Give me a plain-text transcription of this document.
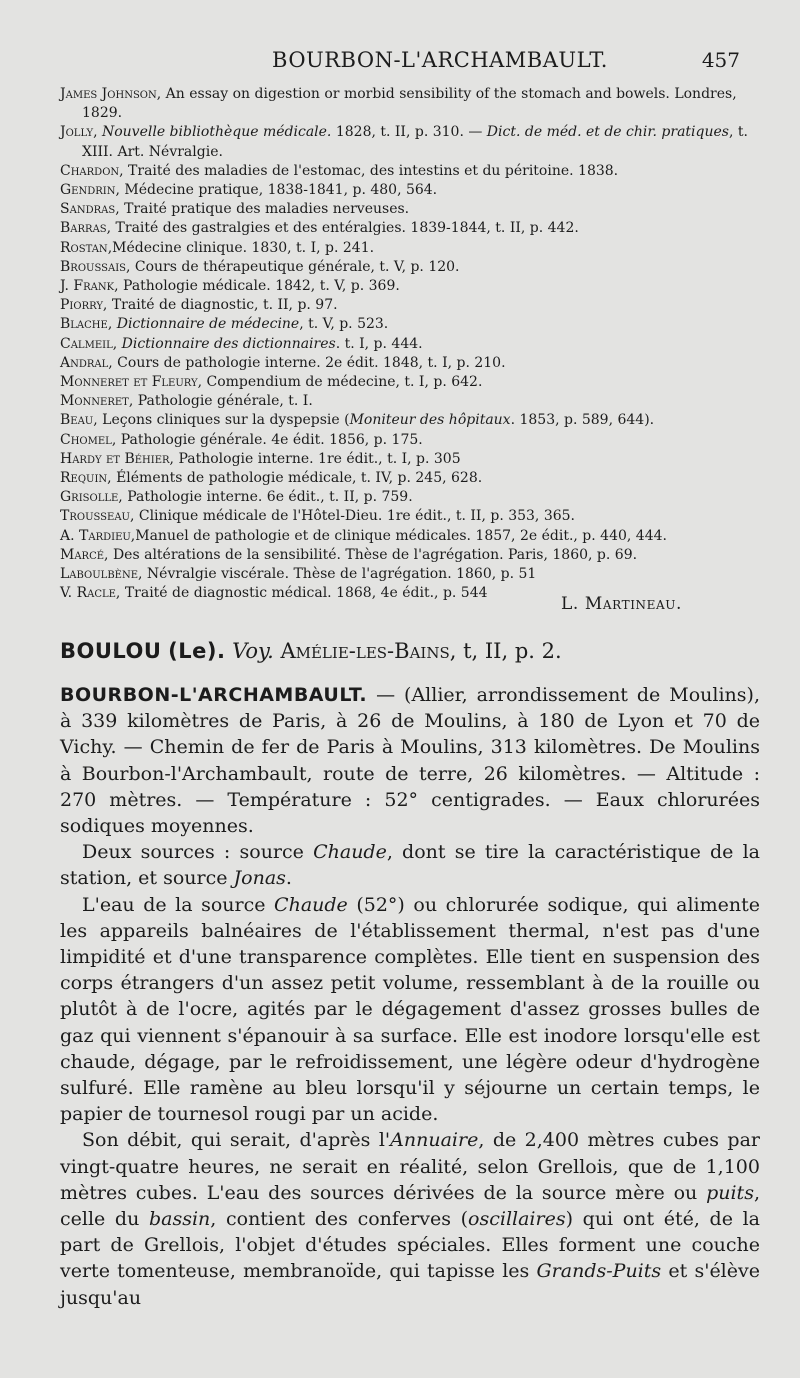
BOURBON-L'ARCHAMBAULT.	457

James Johnson, An essay on digestion or morbid sensibility of the stomach and bowels. Londres, 1829.

Jolly, Nouvelle bibliothèque médicale. 1828, t. II, p. 310. — Dict. de méd. et de chir. pratiques, t. XIII. Art. Névralgie.

Chardon, Traité des maladies de l'estomac, des intestins et du péritoine. 1838.

Gendrin, Médecine pratique, 1838-1841, p. 480, 564.

Sandras, Traité pratique des maladies nerveuses.

Barras, Traité des gastralgies et des entéralgies. 1839-1844, t. II, p. 442.

Rostan,Médecine clinique. 1830, t. I, p. 241.

Broussais, Cours de thérapeutique générale, t. V, p. 120.

J. Frank, Pathologie médicale. 1842, t. V, p. 369.

Piorry, Traité de diagnostic, t. II, p. 97.

Blache, Dictionnaire de médecine, t. V, p. 523.

Calmeil, Dictionnaire des dictionnaires. t. I, p. 444.

Andral, Cours de pathologie interne. 2e édit. 1848, t. I, p. 210.

Monneret et Fleury, Compendium de médecine, t. I, p. 642.

Monneret, Pathologie générale, t. I.

Beau, Leçons cliniques sur la dyspepsie (Moniteur des hôpitaux. 1853, p. 589, 644).

Chomel, Pathologie générale. 4e édit. 1856, p. 175.

Hardy et Béhier, Pathologie interne. 1re édit., t. I, p. 305

Requin, Éléments de pathologie médicale, t. IV, p. 245, 628.

Grisolle, Pathologie interne. 6e édit., t. II, p. 759.

Trousseau, Clinique médicale de l'Hôtel-Dieu. 1re édit., t. II, p. 353, 365.

A. Tardieu,Manuel de pathologie et de clinique médicales. 1857, 2e édit., p. 440, 444.

Marcé, Des altérations de la sensibilité. Thèse de l'agrégation. Paris, 1860, p. 69.

Laboulbène, Névralgie viscérale. Thèse de l'agrégation. 1860, p. 51

V. Racle, Traité de diagnostic médical. 1868, 4e édit., p. 544

L. Martineau.
BOULOU (Le). Voy. Amélie-les-Bains, t, II, p. 2.

BOURBON-L'ARCHAMBAULT. — (Allier, arrondissement de Moulins), à 339 kilomètres de Paris, à 26 de Moulins, à 180 de Lyon et 70 de Vichy. — Chemin de fer de Paris à Moulins, 313 kilomètres. De Moulins à Bourbon-l'Archambault, route de terre, 26 kilomètres. — Altitude : 270 mètres. — Température : 52° centigrades. — Eaux chlorurées sodiques moyennes.

Deux sources : source Chaude, dont se tire la caractéristique de la station, et source Jonas.

L'eau de la source Chaude (52°) ou chlorurée sodique, qui alimente les appareils balnéaires de l'établissement thermal, n'est pas d'une limpidité et d'une transparence complètes. Elle tient en suspension des corps étrangers d'un assez petit volume, ressemblant à de la rouille ou plutôt à de l'ocre, agités par le dégagement d'assez grosses bulles de gaz qui viennent s'épanouir à sa surface. Elle est inodore lorsqu'elle est chaude, dégage, par le refroidissement, une légère odeur d'hydrogène sulfuré. Elle ramène au bleu lorsqu'il y séjourne un certain temps, le papier de tournesol rougi par un acide.

Son débit, qui serait, d'après l'Annuaire, de 2,400 mètres cubes par vingt-quatre heures, ne serait en réalité, selon Grellois, que de 1,100 mètres cubes. L'eau des sources dérivées de la source mère ou puits, celle du bassin, contient des conferves (oscillaires) qui ont été, de la part de Grellois, l'objet d'études spéciales. Elles forment une couche verte tomenteuse, membranoïde, qui tapisse les Grands-Puits et s'élève jusqu'au
